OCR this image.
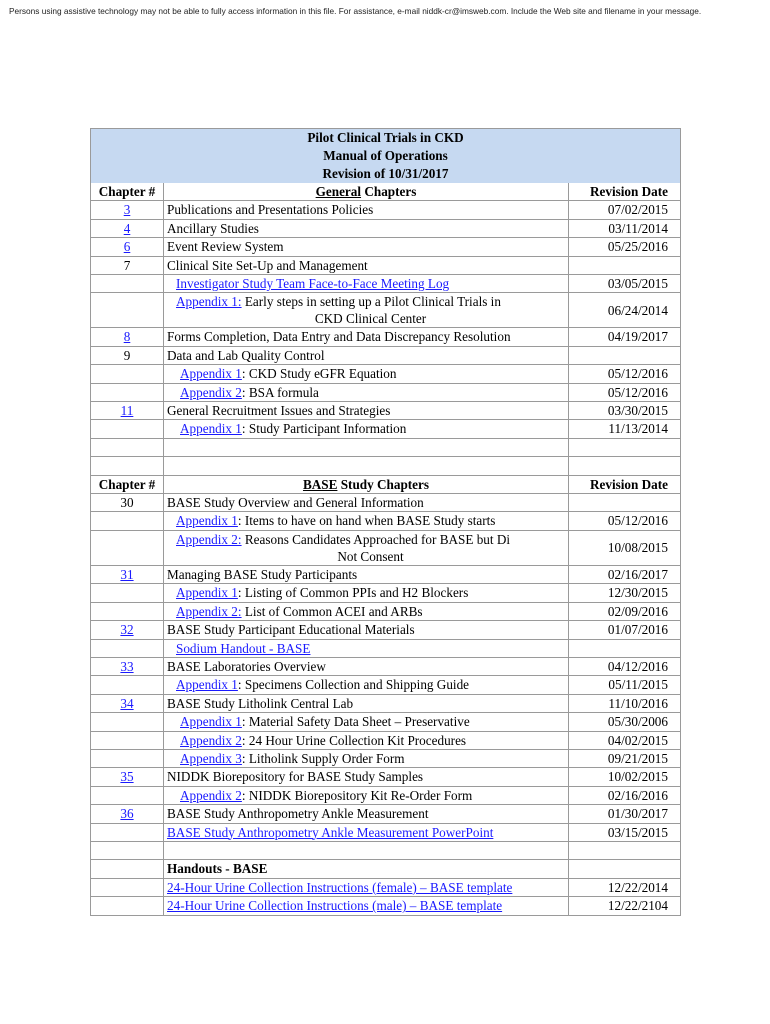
Persons using assistive technology may not be able to fully access information in this file. For assistance, e-mail niddk-cr@imsweb.com. Include the Web site and filename in your message.
Pilot Clinical Trials in CKD
Manual of Operations
Revision of 10/31/2017		

Chapter #	General Chapters	Revision Date
3	Publications and Presentations Policies	07/02/2015
4	Ancillary Studies	03/11/2014
6	Event Review System	05/25/2016
7	Clinical Site Set-Up and Management	
	Investigator Study Team Face-to-Face Meeting Log	03/05/2015
	Appendix 1: Early steps in setting up a Pilot Clinical Trials in
CKD Clinical Center	06/24/2014
8	Forms Completion, Data Entry and Data Discrepancy Resolution	04/19/2017
9	Data and Lab Quality Control	
	Appendix 1: CKD Study eGFR Equation	05/12/2016
	Appendix 2: BSA formula	05/12/2016
11	General Recruitment Issues and Strategies	03/30/2015
	Appendix 1: Study Participant Information	11/13/2014

Chapter #	BASE Study Chapters	Revision Date
30	BASE Study Overview and General Information	
	Appendix 1: Items to have on hand when BASE Study starts	05/12/2016
	Appendix 2: Reasons Candidates Approached for BASE but Di
Not Consent	10/08/2015
31	Managing BASE Study Participants	02/16/2017
	Appendix 1: Listing of Common PPIs and H2 Blockers	12/30/2015
	Appendix 2: List of Common ACEI and ARBs	02/09/2016
32	BASE Study Participant Educational Materials	01/07/2016
	Sodium Handout - BASE	
33	BASE Laboratories Overview	04/12/2016
	Appendix 1: Specimens Collection and Shipping Guide	05/11/2015
34	BASE Study Litholink Central Lab	11/10/2016
	Appendix 1: Material Safety Data Sheet – Preservative	05/30/2006
	Appendix 2: 24 Hour Urine Collection Kit Procedures	04/02/2015
	Appendix 3: Litholink Supply Order Form	09/21/2015
35	NIDDK Biorepository for BASE Study Samples	10/02/2015
	Appendix 2: NIDDK Biorepository Kit Re-Order Form	02/16/2016
36	BASE Study Anthropometry Ankle Measurement	01/30/2017
	BASE Study Anthropometry Ankle Measurement PowerPoint	03/15/2015

	Handouts - BASE	
	24-Hour Urine Collection Instructions (female) – BASE template	12/22/2014
	24-Hour Urine Collection Instructions (male) – BASE template	12/22/2104
